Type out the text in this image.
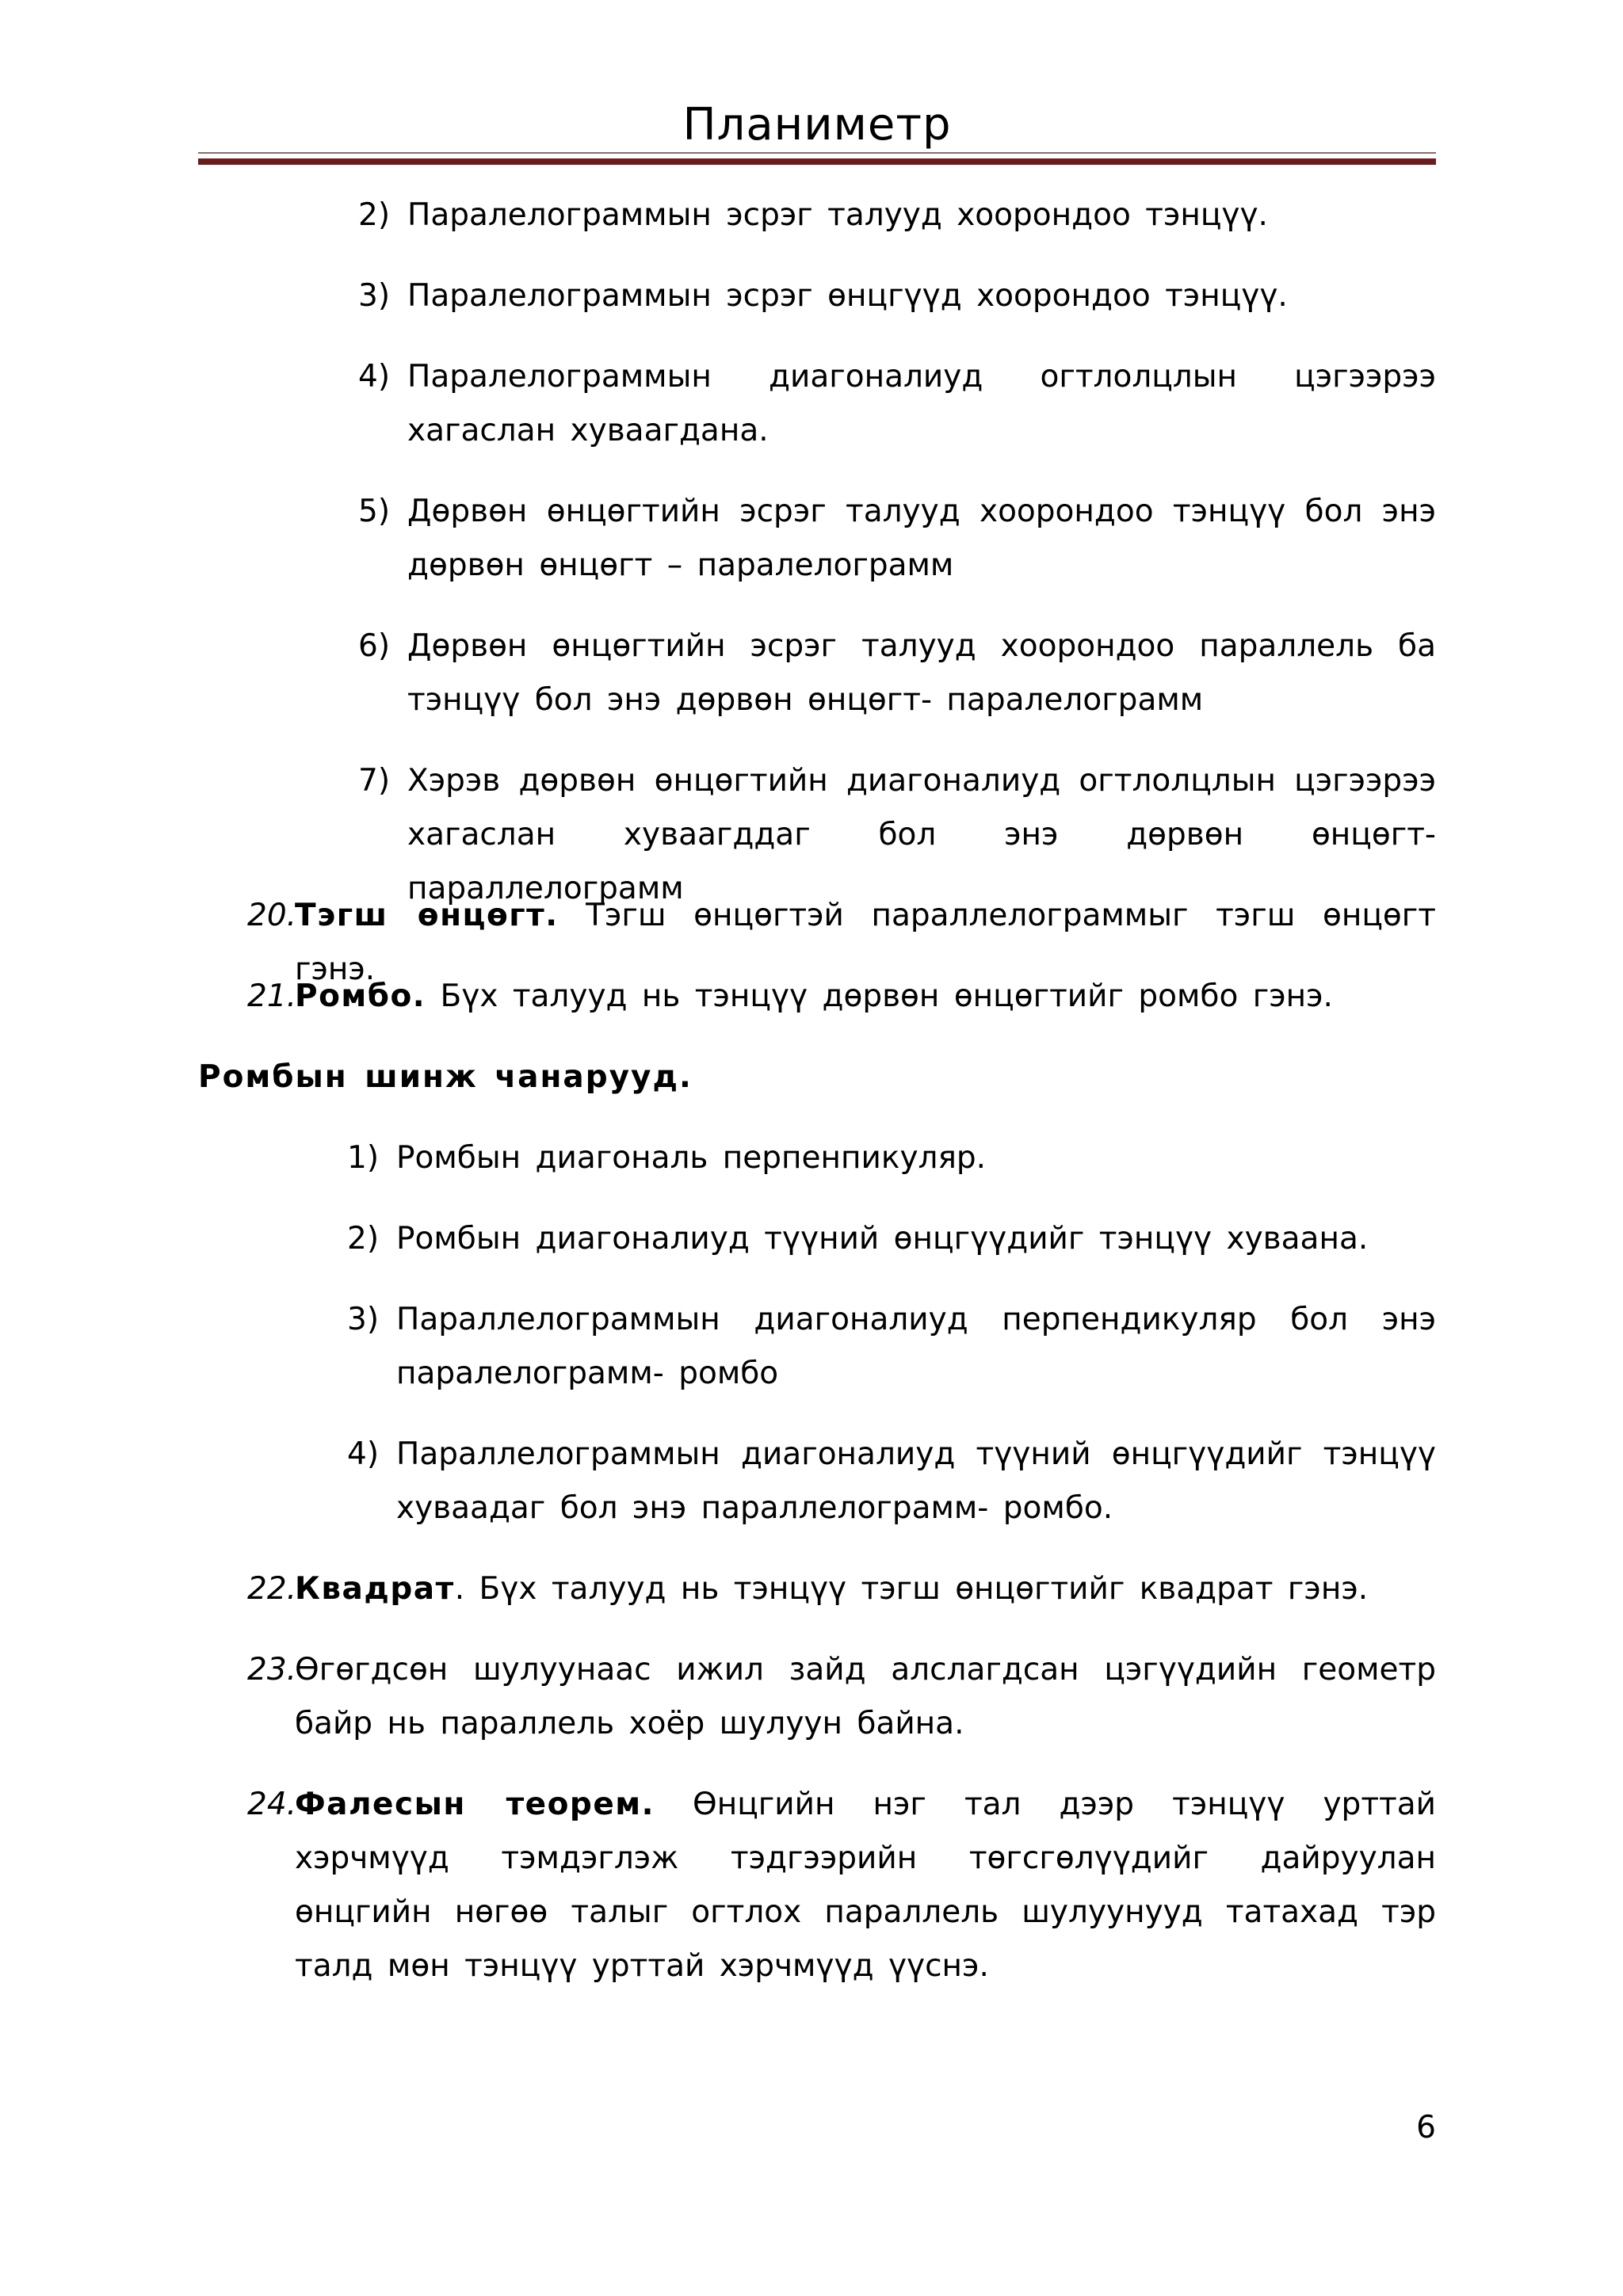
Планиметр
2) Паралелограммын эсрэг талууд хоорондоо тэнцүү.
3) Паралелограммын эсрэг өнцгүүд хоорондоо тэнцүү.
4) Паралелограммын диагоналиуд огтлолцлын цэгээрээ хагаслан хуваагдана.
5) Дөрвөн өнцөгтийн эсрэг талууд хоорондоо тэнцүү бол энэ дөрвөн өнцөгт – паралелограмм
6) Дөрвөн өнцөгтийн эсрэг талууд хоорондоо параллель ба тэнцүү бол энэ дөрвөн өнцөгт- паралелограмм
7) Хэрэв дөрвөн өнцөгтийн диагоналиуд огтлолцлын цэгээрээ хагаслан хуваагддаг бол энэ дөрвөн өнцөгт- параллелограмм
20.
Тэгш өнцөгт. Тэгш өнцөгтэй параллелограммыг тэгш өнцөгт гэнэ.
21.
Ромбо. Бүх талууд нь тэнцүү дөрвөн өнцөгтийг ромбо гэнэ.
Ромбын шинж чанарууд.
1) Ромбын диагональ перпенпикуляр.
2) Ромбын диагоналиуд түүний өнцгүүдийг тэнцүү хуваана.
3) Параллелограммын диагоналиуд перпендикуляр бол энэ паралелограмм- ромбо
4) Параллелограммын диагоналиуд түүний өнцгүүдийг тэнцүү хуваадаг бол энэ параллелограмм- ромбо.
22.
Квадрат. Бүх талууд нь тэнцүү тэгш өнцөгтийг квадрат гэнэ.
23.
Өгөгдсөн шулуунаас ижил зайд алслагдсан цэгүүдийн геометр байр нь параллель хоёр шулуун байна.
24.
Фалесын теорем. Өнцгийн нэг тал дээр тэнцүү урттай хэрчмүүд тэмдэглэж тэдгээрийн төгсгөлүүдийг дайруулан өнцгийн нөгөө талыг огтлох параллель шулуунууд татахад тэр талд мөн тэнцүү урттай хэрчмүүд үүснэ.
6
